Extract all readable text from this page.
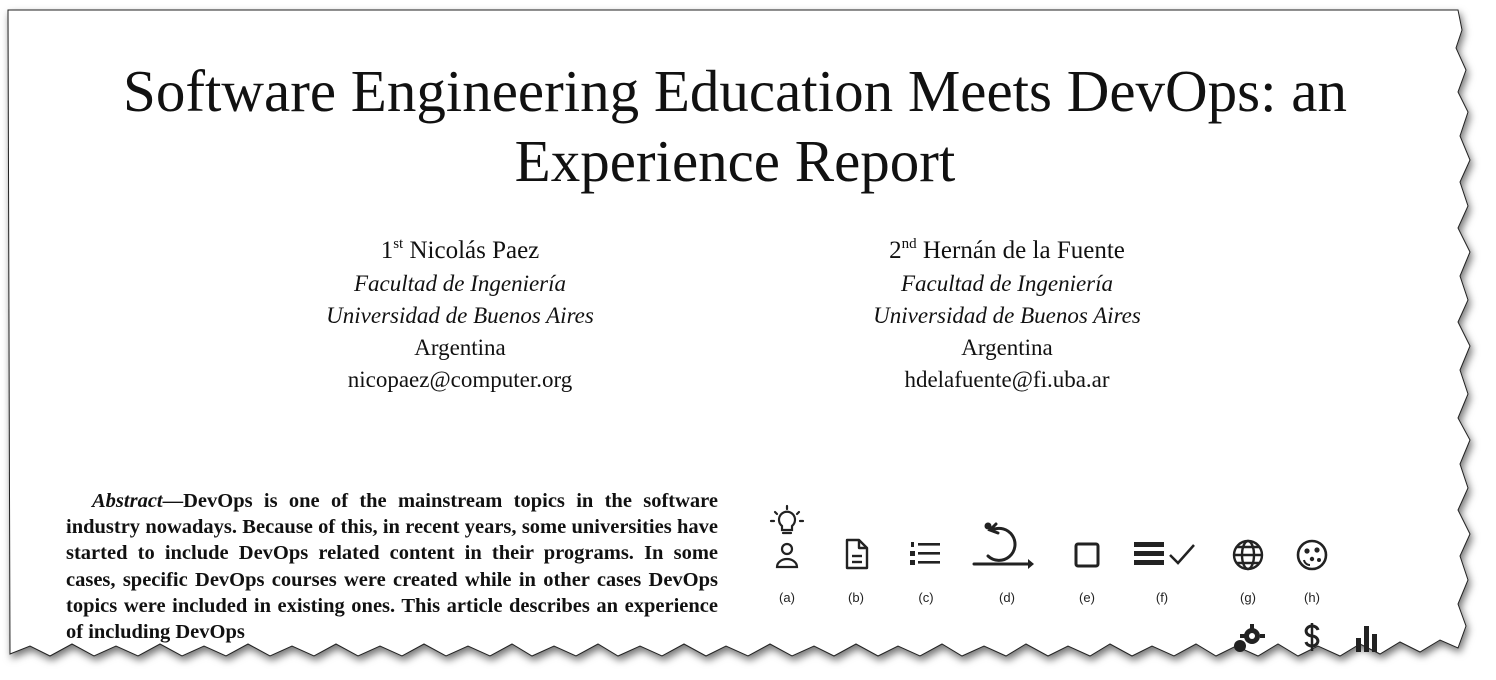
Software Engineering Education Meets DevOps: an Experience Report
1st Nicolás Paez
Facultad de Ingeniería
Universidad de Buenos Aires
Argentina
nicopaez@computer.org
2nd Hernán de la Fuente
Facultad de Ingeniería
Universidad de Buenos Aires
Argentina
hdelafuente@fi.uba.ar
Abstract—DevOps is one of the mainstream topics in the software industry nowadays. Because of this, in recent years, some universities have started to include DevOps related content in their programs. In some cases, specific DevOps courses were created while in other cases DevOps topics were included in existing ones. This article describes an experience of including DevOps
(a)	(b)	(c)	(d)	(e)	(f)	(g)	(h)
